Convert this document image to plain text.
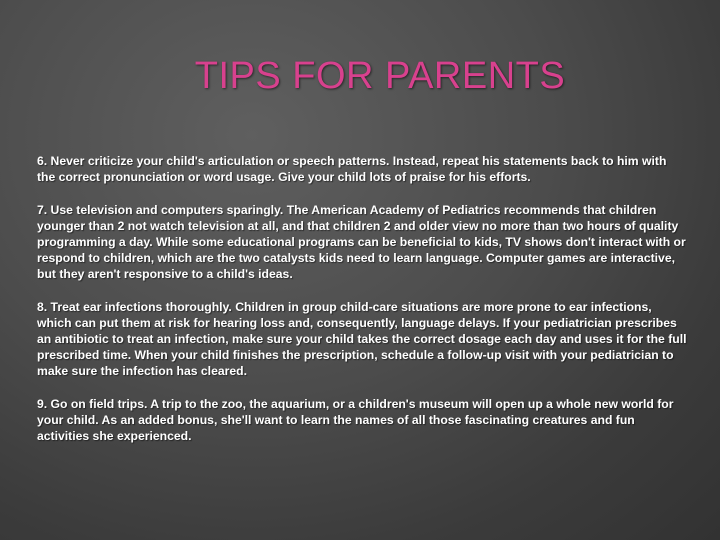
TIPS FOR PARENTS

6. Never criticize your child's articulation or speech patterns. Instead, repeat his statements back to him with the correct pronunciation or word usage. Give your child lots of praise for his efforts.

7. Use television and computers sparingly. The American Academy of Pediatrics recommends that children younger than 2 not watch television at all, and that children 2 and older view no more than two hours of quality programming a day. While some educational programs can be beneficial to kids, TV shows don't interact with or respond to children, which are the two catalysts kids need to learn language. Computer games are interactive, but they aren't responsive to a child's ideas.

8. Treat ear infections thoroughly. Children in group child-care situations are more prone to ear infections, which can put them at risk for hearing loss and, consequently, language delays. If your pediatrician prescribes an antibiotic to treat an infection, make sure your child takes the correct dosage each day and uses it for the full prescribed time. When your child finishes the prescription, schedule a follow-up visit with your pediatrician to make sure the infection has cleared.

9. Go on field trips. A trip to the zoo, the aquarium, or a children's museum will open up a whole new world for your child. As an added bonus, she'll want to learn the names of all those fascinating creatures and fun activities she experienced.
